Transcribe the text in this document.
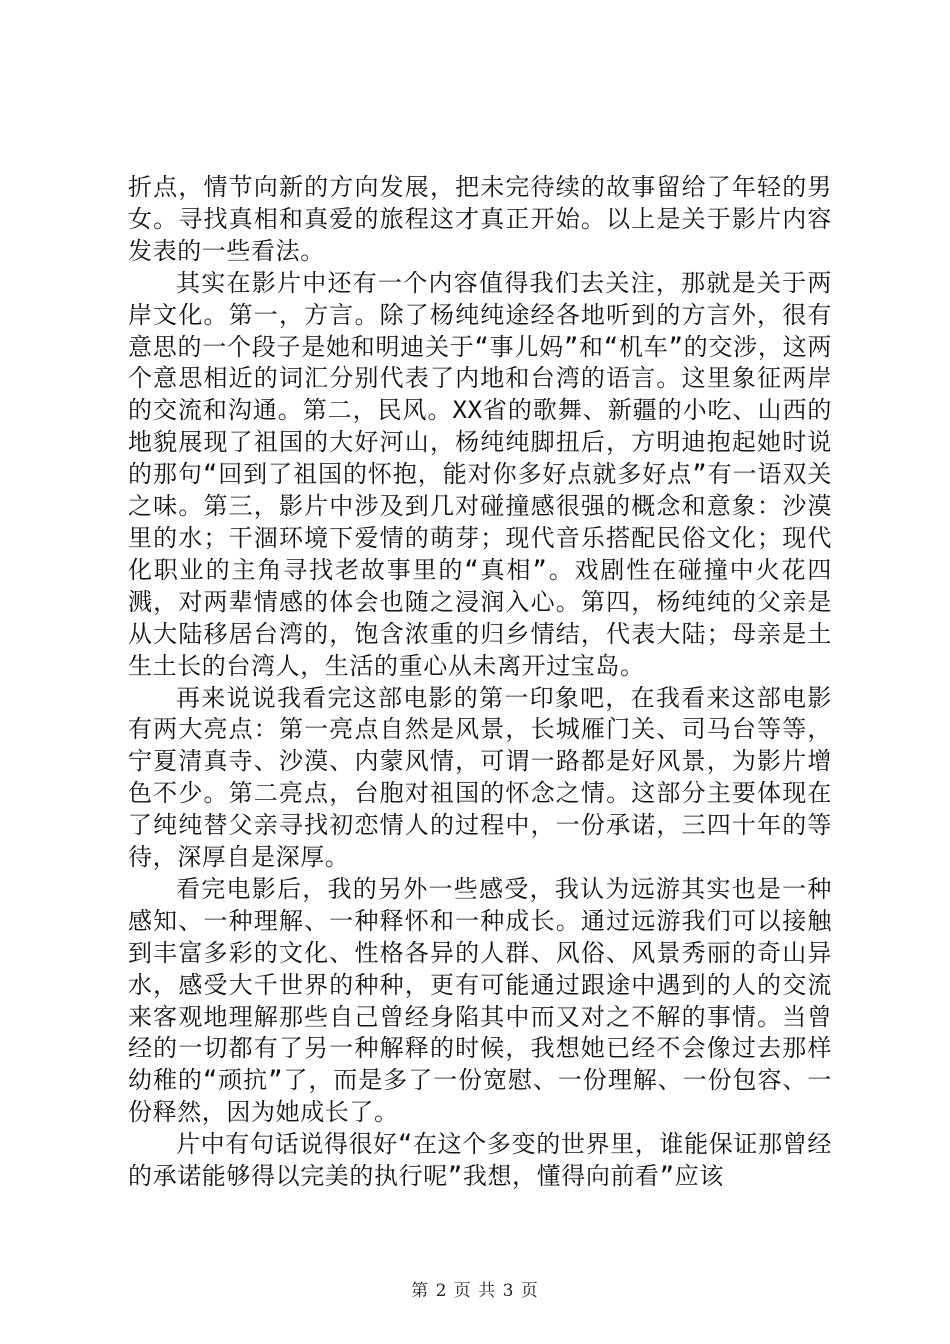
折点，情节向新的方向发展，把未完待续的故事留给了年轻的男女。寻找真相和真爱的旅程这才真正开始。以上是关于影片内容发表的一些看法。

其实在影片中还有一个内容值得我们去关注，那就是关于两岸文化。第一，方言。除了杨纯纯途经各地听到的方言外，很有意思的一个段子是她和明迪关于“事儿妈”和“机车”的交涉，这两个意思相近的词汇分别代表了内地和台湾的语言。这里象征两岸的交流和沟通。第二，民风。XX省的歌舞、新疆的小吃、山西的地貌展现了祖国的大好河山，杨纯纯脚扭后，方明迪抱起她时说的那句“回到了祖国的怀抱，能对你多好点就多好点”有一语双关之味。第三，影片中涉及到几对碰撞感很强的概念和意象：沙漠里的水；干涸环境下爱情的萌芽；现代音乐搭配民俗文化；现代化职业的主角寻找老故事里的“真相”。戏剧性在碰撞中火花四溅，对两辈情感的体会也随之浸润入心。第四，杨纯纯的父亲是从大陆移居台湾的，饱含浓重的归乡情结，代表大陆；母亲是土生土长的台湾人，生活的重心从未离开过宝岛。

再来说说我看完这部电影的第一印象吧，在我看来这部电影有两大亮点：第一亮点自然是风景，长城雁门关、司马台等等，宁夏清真寺、沙漠、内蒙风情，可谓一路都是好风景，为影片增色不少。第二亮点，台胞对祖国的怀念之情。这部分主要体现在了纯纯替父亲寻找初恋情人的过程中，一份承诺，三四十年的等待，深厚自是深厚。

看完电影后，我的另外一些感受，我认为远游其实也是一种感知、一种理解、一种释怀和一种成长。通过远游我们可以接触到丰富多彩的文化、性格各异的人群、风俗、风景秀丽的奇山异水，感受大千世界的种种，更有可能通过跟途中遇到的人的交流来客观地理解那些自己曾经身陷其中而又对之不解的事情。当曾经的一切都有了另一种解释的时候，我想她已经不会像过去那样幼稚的“顽抗”了，而是多了一份宽慰、一份理解、一份包容、一份释然，因为她成长了。

片中有句话说得很好“在这个多变的世界里，谁能保证那曾经的承诺能够得以完美的执行呢”我想，懂得向前看”应该

第 2 页 共 3 页
